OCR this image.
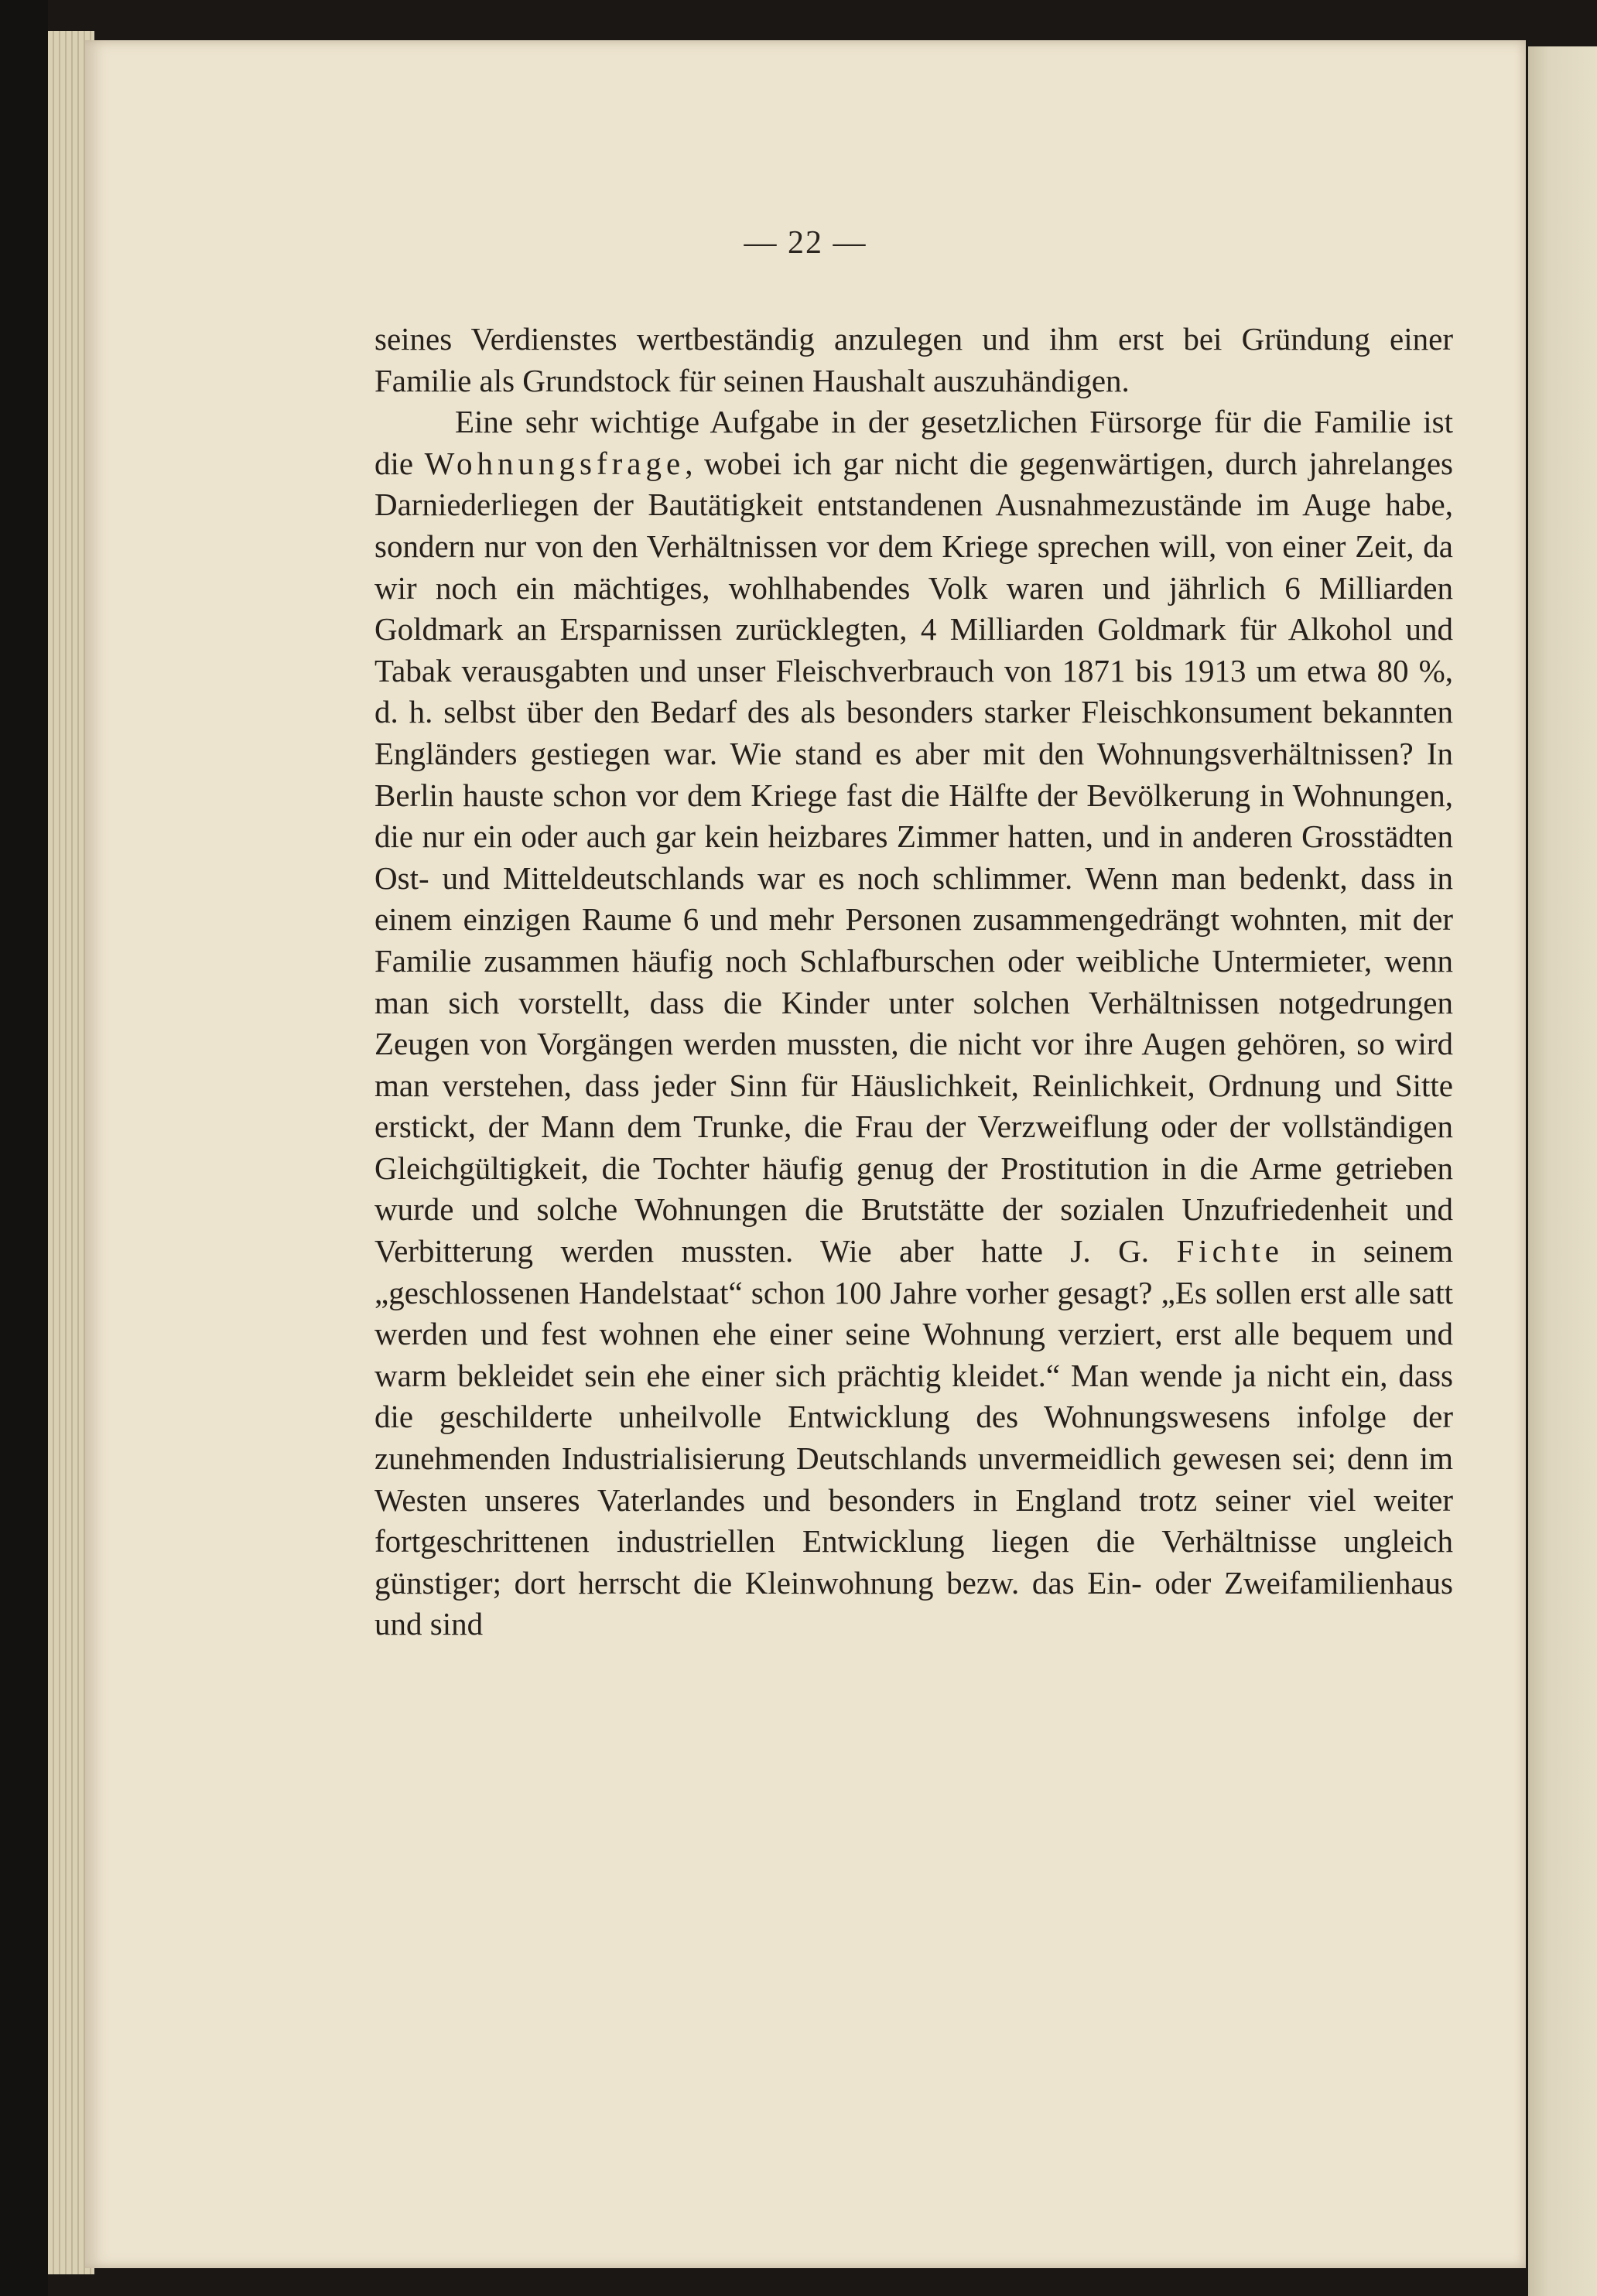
— 22 —

seines Verdienstes wertbeständig anzulegen und ihm erst bei Gründung einer Familie als Grundstock für seinen Haushalt auszuhändigen.

Eine sehr wichtige Aufgabe in der gesetzlichen Fürsorge für die Familie ist die Wohnungsfrage, wobei ich gar nicht die gegenwärtigen, durch jahrelanges Darniederliegen der Bautätigkeit entstandenen Ausnahmezustände im Auge habe, sondern nur von den Verhältnissen vor dem Kriege sprechen will, von einer Zeit, da wir noch ein mächtiges, wohlhabendes Volk waren und jährlich 6 Milliarden Goldmark an Ersparnissen zurücklegten, 4 Milliarden Goldmark für Alkohol und Tabak verausgabten und unser Fleischverbrauch von 1871 bis 1913 um etwa 80 %, d. h. selbst über den Bedarf des als besonders starker Fleischkonsument bekannten Engländers gestiegen war. Wie stand es aber mit den Wohnungsverhältnissen? In Berlin hauste schon vor dem Kriege fast die Hälfte der Bevölkerung in Wohnungen, die nur ein oder auch gar kein heizbares Zimmer hatten, und in anderen Grosstädten Ost- und Mitteldeutschlands war es noch schlimmer. Wenn man bedenkt, dass in einem einzigen Raume 6 und mehr Personen zusammengedrängt wohnten, mit der Familie zusammen häufig noch Schlafburschen oder weibliche Untermieter, wenn man sich vorstellt, dass die Kinder unter solchen Verhältnissen notgedrungen Zeugen von Vorgängen werden mussten, die nicht vor ihre Augen gehören, so wird man verstehen, dass jeder Sinn für Häuslichkeit, Reinlichkeit, Ordnung und Sitte erstickt, der Mann dem Trunke, die Frau der Verzweiflung oder der vollständigen Gleichgültigkeit, die Tochter häufig genug der Prostitution in die Arme getrieben wurde und solche Wohnungen die Brutstätte der sozialen Unzufriedenheit und Verbitterung werden mussten. Wie aber hatte J. G. Fichte in seinem „geschlossenen Handelstaat“ schon 100 Jahre vorher gesagt? „Es sollen erst alle satt werden und fest wohnen ehe einer seine Wohnung verziert, erst alle bequem und warm bekleidet sein ehe einer sich prächtig kleidet.“ Man wende ja nicht ein, dass die geschilderte unheilvolle Entwicklung des Wohnungswesens infolge der zunehmenden Industrialisierung Deutschlands unvermeidlich gewesen sei; denn im Westen unseres Vaterlandes und besonders in England trotz seiner viel weiter fortgeschrittenen industriellen Entwicklung liegen die Verhältnisse ungleich günstiger; dort herrscht die Kleinwohnung bezw. das Ein- oder Zweifamilienhaus und sind
